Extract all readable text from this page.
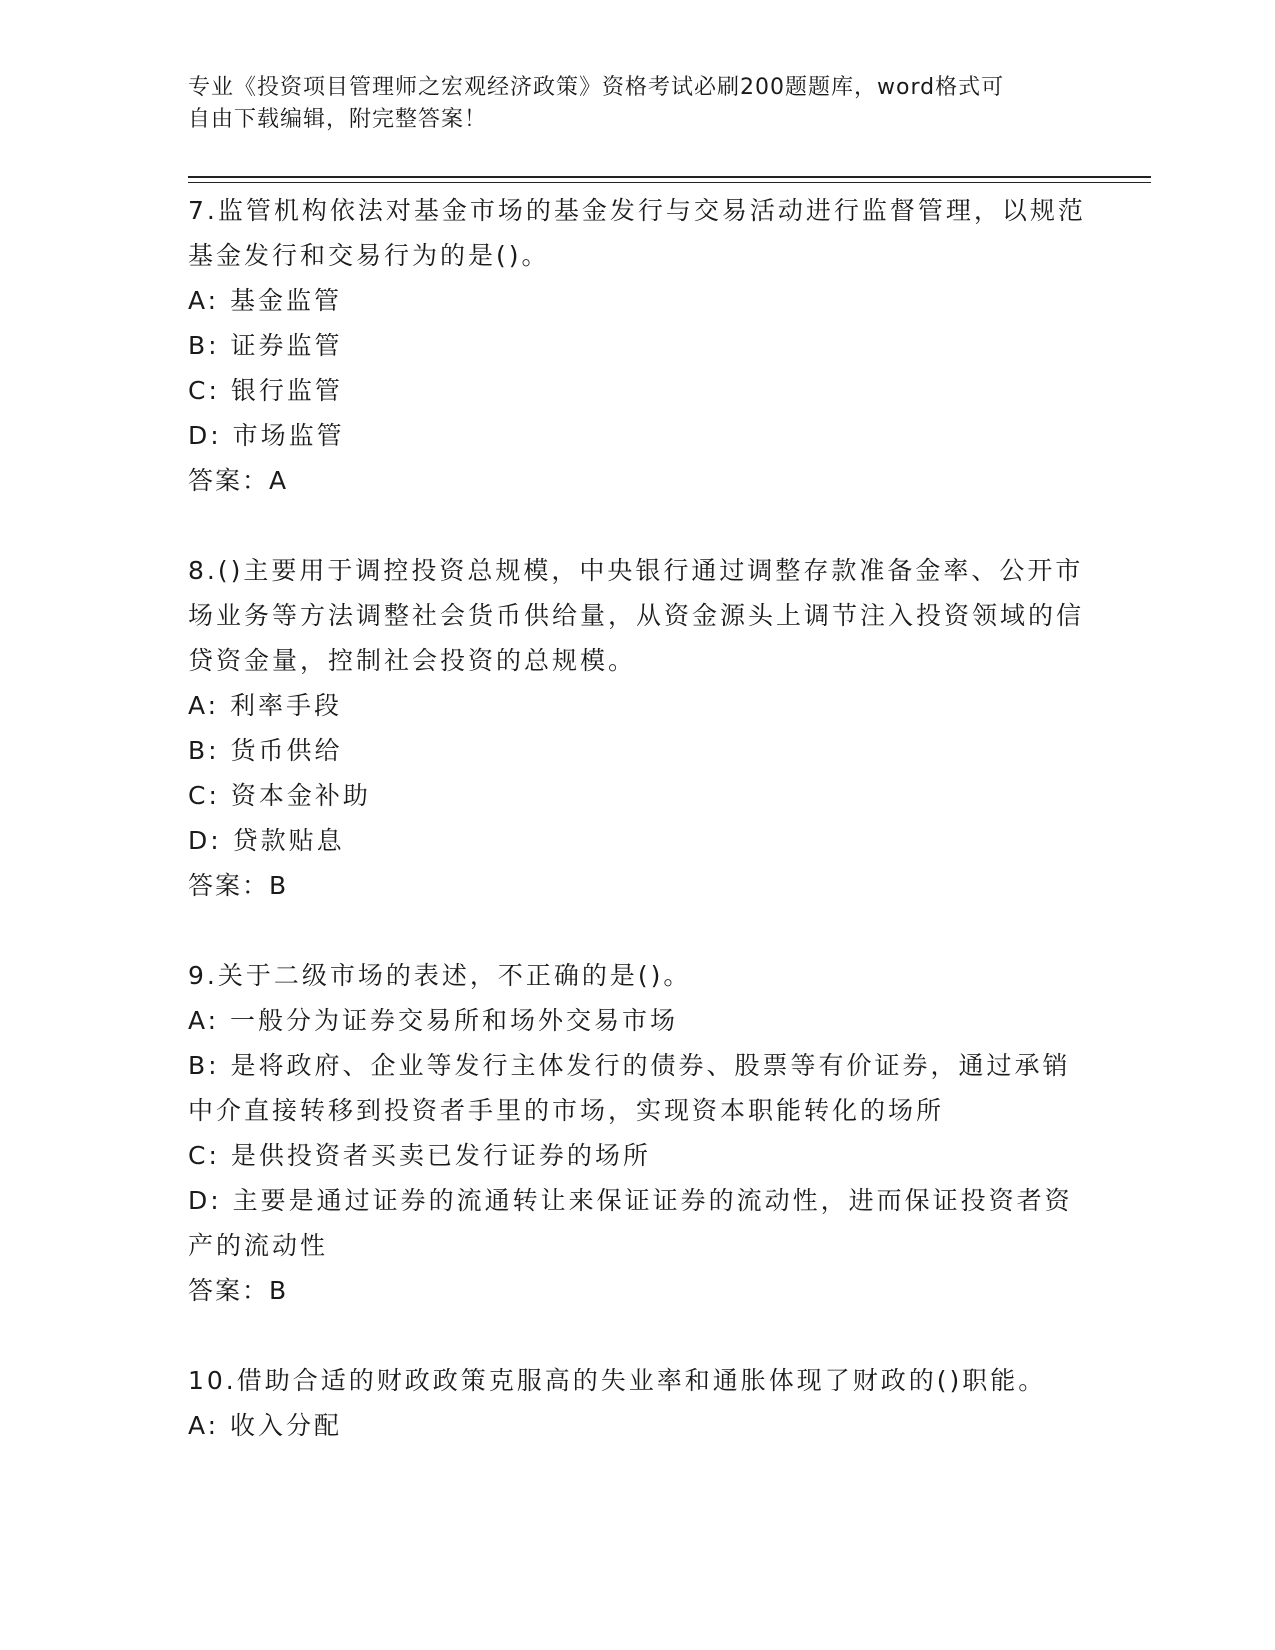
专业《投资项目管理师之宏观经济政策》资格考试必刷200题题库，word格式可
自由下载编辑，附完整答案！
7.监管机构依法对基金市场的基金发行与交易活动进行监督管理，以规范基金发行和交易行为的是()。
A: 基金监管
B: 证券监管
C: 银行监管
D: 市场监管
答案：A
8.()主要用于调控投资总规模，中央银行通过调整存款准备金率、公开市场业务等方法调整社会货币供给量，从资金源头上调节注入投资领域的信贷资金量，控制社会投资的总规模。
A: 利率手段
B: 货币供给
C: 资本金补助
D: 贷款贴息
答案：B
9.关于二级市场的表述，不正确的是()。
A: 一般分为证券交易所和场外交易市场
B: 是将政府、企业等发行主体发行的债券、股票等有价证券，通过承销中介直接转移到投资者手里的市场，实现资本职能转化的场所
C: 是供投资者买卖已发行证券的场所
D: 主要是通过证券的流通转让来保证证券的流动性，进而保证投资者资产的流动性
答案：B
10.借助合适的财政政策克服高的失业率和通胀体现了财政的()职能。
A: 收入分配
